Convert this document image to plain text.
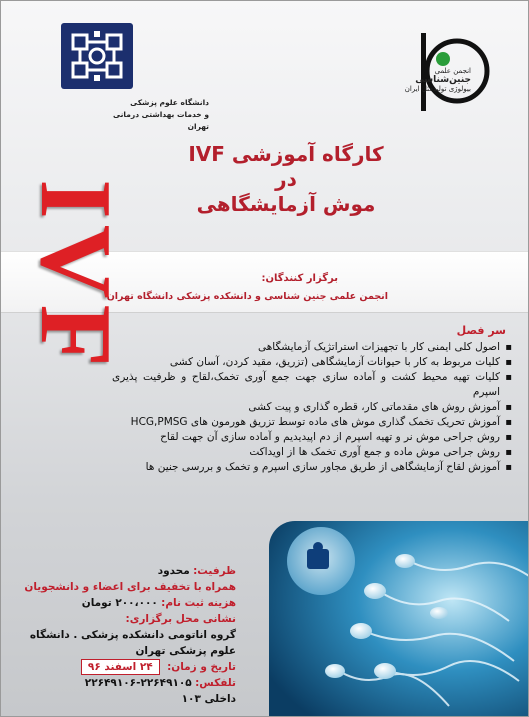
دانشگاه علوم پزشکی
و خدمات بهداشتی درمانی تهران
انجمن علمی
جنین‌شناسی
بیولوژی تولیدمثل ایران
کارگاه آموزشی IVF در
موش آزمایشگاهی
برگزار کنندگان:
انجمن علمی جنین شناسی و دانشکده پزشکی دانشگاه تهران
IVF	سر فصل
▪ اصول کلی ایمنی کار با تجهیزات استراتژیک آزمایشگاهی
▪ کلیات مربوط به کار با حیوانات آزمایشگاهی (تزریق، مقید کردن، آسان کشی
▪ کلیات تهیه محیط کشت و آماده سازی جهت جمع آوری تخمک،لقاح و ظرفیت پذیری اسپرم
▪ آموزش روش های مقدماتی کار، قطره گذاری و پیت کشی
▪ آموزش تحریک تخمک گذاری موش های ماده توسط تزریق هورمون های HCG,PMSG
▪ روش جراحی موش نر و تهیه اسپرم از دم اپیدیدیم و آماده سازی آن جهت لقاح
▪ روش جراحی موش ماده و جمع آوری تخمک ها از اویداکت
▪ آموزش لقاح آزمایشگاهی از طریق مجاور سازی اسپرم و تخمک و بررسی جنین ها
ظرفیت: محدود
همراه با تخفیف برای اعضاء و دانشجویان
هزینه ثبت نام: ۲۰۰،۰۰۰ تومان
نشانی محل برگزاری:
گروه اناتومی دانشکده پزشکی . دانشگاه علوم پزشکی تهران
تاریخ و زمان: ۲۴ اسفند ۹۶
تلفکس: ۲۲۶۴۹۱۰۵-۲۲۶۴۹۱۰۶
داخلی ۱۰۳
